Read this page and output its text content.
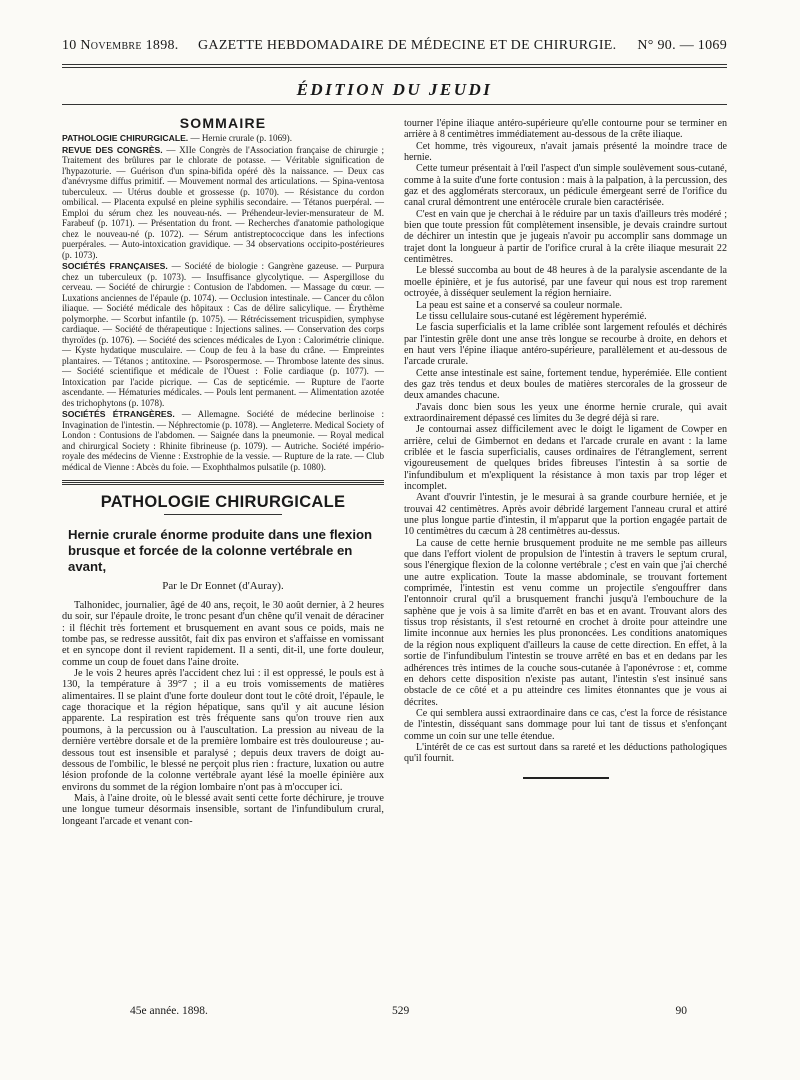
10 Novembre 1898. GAZETTE HEBDOMADAIRE DE MÉDECINE ET DE CHIRURGIE. N° 90. — 1069
ÉDITION DU JEUDI
SOMMAIRE

PATHOLOGIE CHIRURGICALE. — Hernie crurale (p. 1069).

REVUE DES CONGRÈS. — XIIe Congrès de l'Association française de chirurgie ; Traitement des brûlures par le chlorate de potasse. — Véritable signification de l'hypazoturie. — Guérison d'un spina-bifida opéré dès la naissance. — Deux cas d'anévrysme diffus primitif. — Mouvement normal des articulations. — Spina-ventosa tuberculeux. — Utérus double et grossesse (p. 1070). — Résistance du cordon ombilical. — Placenta expulsé en pleine syphilis secondaire. — Tétanos puerpéral. — Emploi du sérum chez les nouveau-nés. — Préhendeur-levier-mensurateur de M. Farabeuf (p. 1071). — Présentation du front. — Recherches d'anatomie pathologique chez le nouveau-né (p. 1072). — Sérum antistreptococcique dans les infections puerpérales. — Auto-intoxication gravidique. — 34 observations occipito-postérieures (p. 1073).

SOCIÉTÉS FRANÇAISES. — Société de biologie : Gangrène gazeuse. — Purpura chez un tuberculeux (p. 1073). — Insuffisance glycolytique. — Aspergillose du cerveau. — Société de chirurgie : Contusion de l'abdomen. — Massage du cœur. — Luxations anciennes de l'épaule (p. 1074). — Occlusion intestinale. — Cancer du côlon iliaque. — Société médicale des hôpitaux : Cas de délire salicylique. — Érythème polymorphe. — Scorbut infantile (p. 1075). — Rétrécissement tricuspidien, symphyse cardiaque. — Société de thérapeutique : Injections salines. — Conservation des corps thyroïdes (p. 1076). — Société des sciences médicales de Lyon : Calorimétrie clinique. — Kyste hydatique musculaire. — Coup de feu à la base du crâne. — Empreintes plantaires. — Tétanos ; antitoxine. — Psorospermose. — Thrombose latente des sinus. — Société scientifique et médicale de l'Ouest : Folie cardiaque (p. 1077). — Intoxication par l'acide picrique. — Cas de septicémie. — Rupture de l'aorte ascendante. — Hématuries médicales. — Pouls lent permanent. — Alimentation azotée des trichophytons (p. 1078).

SOCIÉTÉS ÉTRANGÈRES. — Allemagne. Société de médecine berlinoise : Invagination de l'intestin. — Néphrectomie (p. 1078). — Angleterre. Medical Society of London : Contusions de l'abdomen. — Saignée dans la pneumonie. — Royal medical and chirurgical Society : Rhinite fibrineuse (p. 1079). — Autriche. Société império-royale des médecins de Vienne : Exstrophie de la vessie. — Rupture de la rate. — Club médical de Vienne : Abcès du foie. — Exophthalmos pulsatile (p. 1080).

PATHOLOGIE CHIRURGICALE
Hernie crurale énorme produite dans une flexion brusque et forcée de la colonne vertébrale en avant,
Par le Dr Eonnet (d'Auray).

Talhonidec, journalier, âgé de 40 ans, reçoit, le 30 août dernier, à 2 heures du soir, sur l'épaule droite, le tronc pesant d'un chêne qu'il venait de déraciner : il fléchit très fortement et brusquement en avant sous ce poids, mais ne tombe pas, se redresse aussitôt, fait dix pas environ et s'affaisse en vomissant et en syncope dont il revient rapidement. Il a senti, dit-il, une forte douleur, comme un coup de fouet dans l'aine droite.

Je le vois 2 heures après l'accident chez lui : il est oppressé, le pouls est à 130, la température à 39°7 ; il a eu trois vomissements de matières alimentaires. Il se plaint d'une forte douleur dont tout le côté droit, l'épaule, le cage thoracique et la région hépatique, sans qu'il y ait aucune lésion apparente. La respiration est très fréquente sans qu'on trouve rien aux poumons, à la percussion ou à l'auscultation. La pression au niveau de la dernière vertèbre dorsale et de la première lombaire est très douloureuse ; au-dessous tout est insensible et paralysé ; depuis deux travers de doigt au-dessous de l'ombilic, le blessé ne perçoit plus rien : fracture, luxation ou autre lésion profonde de la colonne vertébrale ayant lésé la moelle épinière aux environs du sommet de la région lombaire n'ont pas à m'occuper ici.

Mais, à l'aine droite, où le blessé avait senti cette forte déchirure, je trouve une longue tumeur désormais insensible, sortant de l'infundibulum crural, longeant l'arcade et venant con-

tourner l'épine iliaque antéro-supérieure qu'elle contourne pour se terminer en arrière à 8 centimètres immédiatement au-dessous de la crête iliaque.

Cet homme, très vigoureux, n'avait jamais présenté la moindre trace de hernie.

Cette tumeur présentait à l'œil l'aspect d'un simple soulèvement sous-cutané, comme à la suite d'une forte contusion : mais à la palpation, à la percussion, des gaz et des agglomérats stercoraux, un pédicule émergeant serré de l'orifice du canal crural démontrent une entérocèle crurale bien caractérisée.

C'est en vain que je cherchai à le réduire par un taxis d'ailleurs très modéré ; bien que toute pression fût complètement insensible, je devais craindre surtout de déchirer un intestin que je jugeais n'avoir pu accomplir sans dommage un trajet dont la longueur à partir de l'orifice crural à la crête iliaque mesurait 22 centimètres.

Le blessé succomba au bout de 48 heures à de la paralysie ascendante de la moelle épinière, et je fus autorisé, par une faveur qui nous est trop rarement octroyée, à disséquer seulement la région herniaire.

La peau est saine et a conservé sa couleur normale.

Le tissu cellulaire sous-cutané est légèrement hyperémié.

Le fascia superficialis et la lame criblée sont largement refoulés et déchirés par l'intestin grêle dont une anse très longue se recourbe à droite, en dehors et en haut vers l'épine iliaque antéro-supérieure, parallèlement et au-dessous de l'arcade crurale.

Cette anse intestinale est saine, fortement tendue, hyperémiée. Elle contient des gaz très tendus et deux boules de matières stercorales de la grosseur de deux amandes chacune.

J'avais donc bien sous les yeux une énorme hernie crurale, qui avait extraordinairement dépassé ces limites du 3e degré déjà si rare.

Je contournai assez difficilement avec le doigt le ligament de Cowper en arrière, celui de Gimbernot en dedans et l'arcade crurale en avant : la lame criblée et le fascia superficialis, causes ordinaires de l'étranglement, serrent vigoureusement de quelques brides fibreuses l'intestin à sa sortie de l'infundibulum et m'expliquent la résistance à mon taxis par trop léger et incomplet.

Avant d'ouvrir l'intestin, je le mesurai à sa grande courbure herniée, et je trouvai 42 centimètres. Après avoir débridé largement l'anneau crural et attiré une plus longue partie d'intestin, il m'apparut que la portion engagée partait de 10 centimètres du cæcum à 28 centimètres au-dessus.

La cause de cette hernie brusquement produite ne me semble pas ailleurs que dans l'effort violent de propulsion de l'intestin à travers le septum crural, sous l'énergique flexion de la colonne vertébrale ; c'est en vain que j'ai cherché une autre explication. Toute la masse abdominale, se trouvant fortement comprimée, l'intestin est venu comme un projectile s'engouffrer dans l'entonnoir crural qu'il a brusquement franchi jusqu'à l'embouchure de la saphène que je vois à sa limite d'arrêt en bas et en avant. Trouvant alors des tissus trop résistants, il s'est retourné en crochet à droite pour atteindre une limite inconnue aux hernies les plus prononcées. Les conditions anatomiques de la région nous expliquent d'ailleurs la cause de cette direction. En effet, à la sortie de l'infundibulum l'intestin se trouve arrêté en bas et en dedans par les adhérences très intimes de la couche sous-cutanée à l'aponévrose : et, comme en dehors cette disposition n'existe pas autant, l'intestin s'est insinué sans obstacle de ce côté et a pu atteindre ces limites étonnantes que je vous ai décrites.

Ce qui semblera aussi extraordinaire dans ce cas, c'est la force de résistance de l'intestin, disséquant sans dommage pour lui tant de tissus et s'enfonçant comme un coin sur une telle étendue.

L'intérêt de ce cas est surtout dans sa rareté et les déductions pathologiques qu'il fournit.

45e année. 1898.	529	90
